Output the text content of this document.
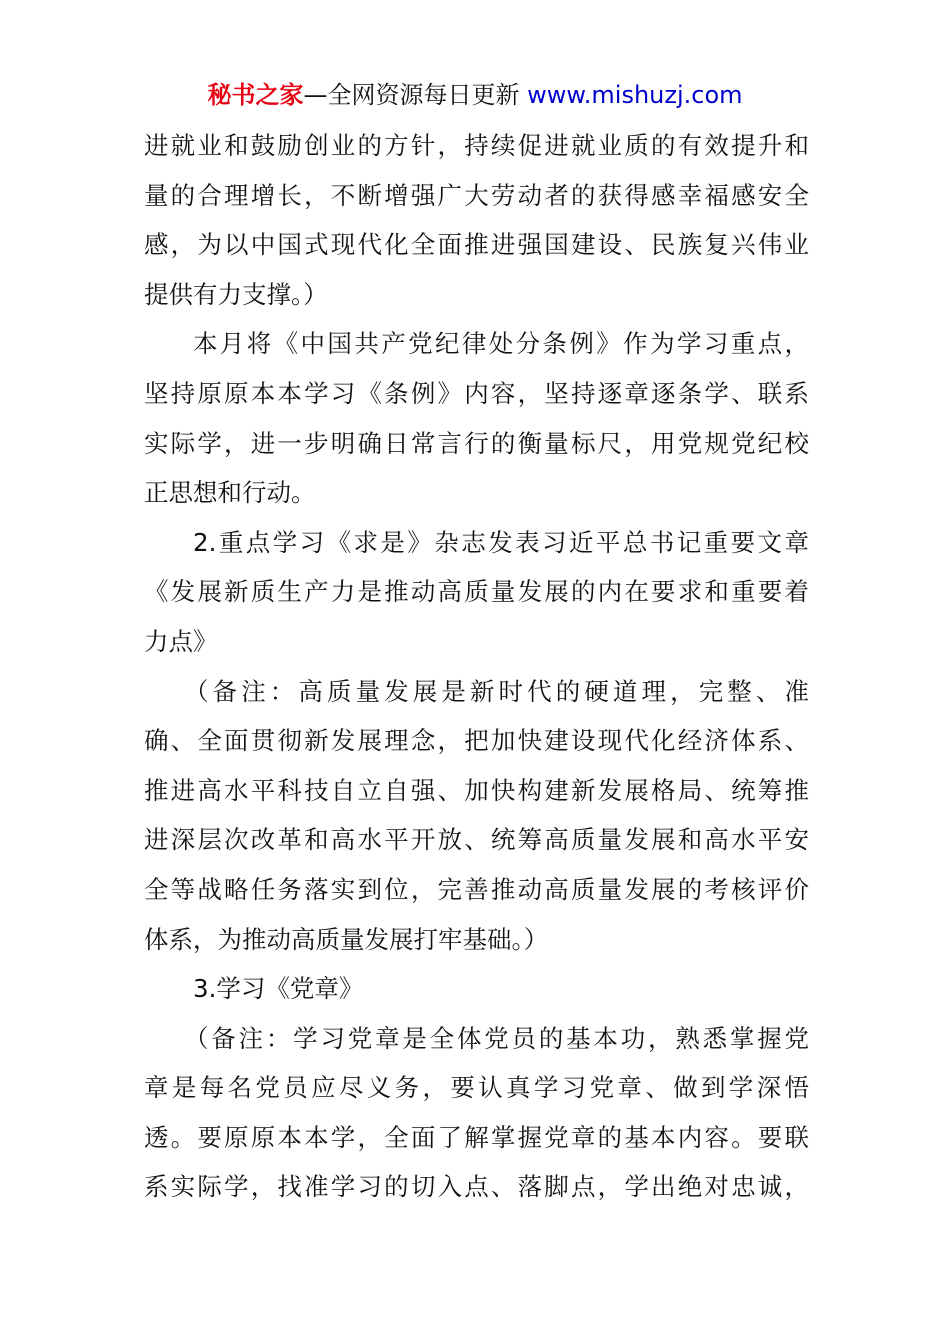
秘书之家—全网资源每日更新 www.mishuzj.com
进就业和鼓励创业的方针，持续促进就业质的有效提升和
量的合理增长，不断增强广大劳动者的获得感幸福感安全
感，为以中国式现代化全面推进强国建设、民族复兴伟业
提供有力支撑。）
本月将《中国共产党纪律处分条例》作为学习重点，
坚持原原本本学习《条例》内容，坚持逐章逐条学、联系
实际学，进一步明确日常言行的衡量标尺，用党规党纪校
正思想和行动。
2.重点学习《求是》杂志发表习近平总书记重要文章
《发展新质生产力是推动高质量发展的内在要求和重要着
力点》
（备注：高质量发展是新时代的硬道理，完整、准
确、全面贯彻新发展理念，把加快建设现代化经济体系、
推进高水平科技自立自强、加快构建新发展格局、统筹推
进深层次改革和高水平开放、统筹高质量发展和高水平安
全等战略任务落实到位，完善推动高质量发展的考核评价
体系，为推动高质量发展打牢基础。）
3.学习《党章》
（备注：学习党章是全体党员的基本功，熟悉掌握党
章是每名党员应尽义务，要认真学习党章、做到学深悟
透。要原原本本学，全面了解掌握党章的基本内容。要联
系实际学，找准学习的切入点、落脚点，学出绝对忠诚，
